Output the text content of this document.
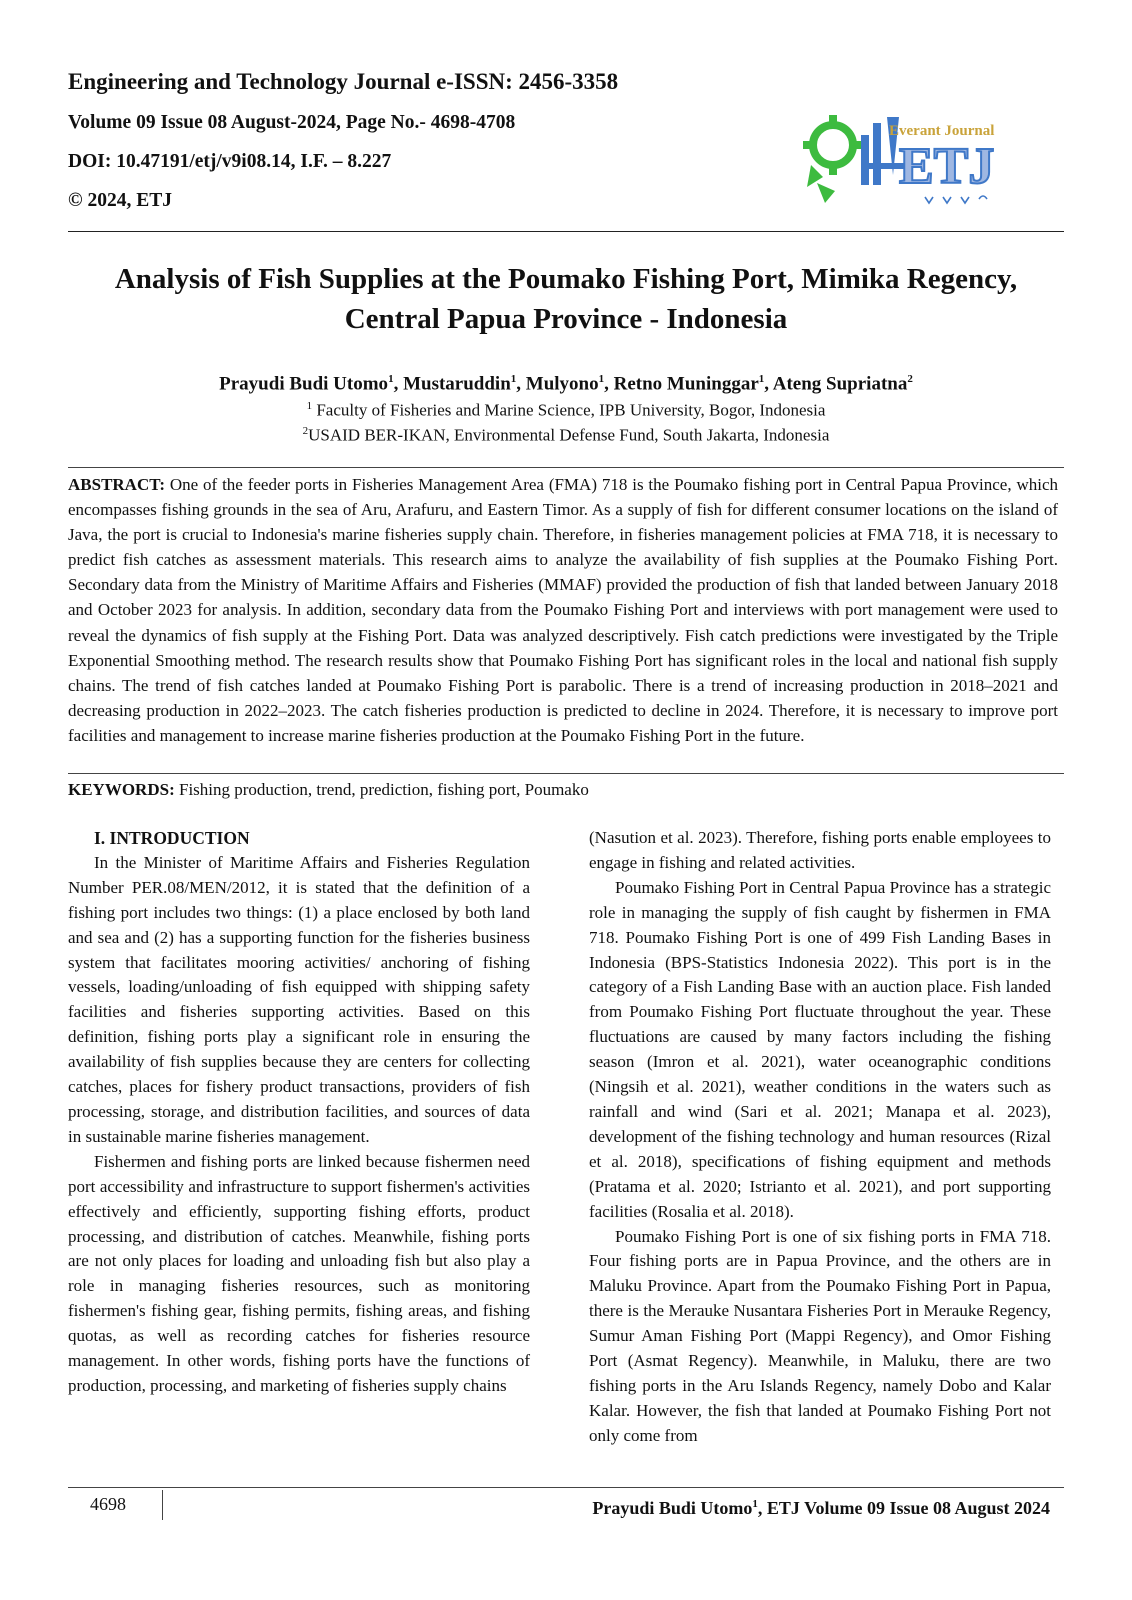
Engineering and Technology Journal e-ISSN: 2456-3358
Volume 09 Issue 08 August-2024, Page No.- 4698-4708
DOI: 10.47191/etj/v9i08.14, I.F. – 8.227
© 2024, ETJ
ETJ
Everant Journal
Analysis of Fish Supplies at the Poumako Fishing Port, Mimika Regency, Central Papua Province - Indonesia
Prayudi Budi Utomo$^1$, Mustaruddin$^1$, Mulyono$^1$, Retno Muninggar$^1$, Ateng Supriatna$^2$
$^1$ Faculty of Fisheries and Marine Science, IPB University, Bogor, Indonesia
$^2$USAID BER-IKAN, Environmental Defense Fund, South Jakarta, Indonesia

ABSTRACT: One of the feeder ports in Fisheries Management Area (FMA) 718 is the Poumako fishing port in Central Papua Province, which encompasses fishing grounds in the sea of Aru, Arafuru, and Eastern Timor. As a supply of fish for different consumer locations on the island of Java, the port is crucial to Indonesia's marine fisheries supply chain. Therefore, in fisheries management policies at FMA 718, it is necessary to predict fish catches as assessment materials. This research aims to analyze the availability of fish supplies at the Poumako Fishing Port. Secondary data from the Ministry of Maritime Affairs and Fisheries (MMAF) provided the production of fish that landed between January 2018 and October 2023 for analysis. In addition, secondary data from the Poumako Fishing Port and interviews with port management were used to reveal the dynamics of fish supply at the Fishing Port. Data was analyzed descriptively. Fish catch predictions were investigated by the Triple Exponential Smoothing method. The research results show that Poumako Fishing Port has significant roles in the local and national fish supply chains. The trend of fish catches landed at Poumako Fishing Port is parabolic. There is a trend of increasing production in 2018–2021 and decreasing production in 2022–2023. The catch fisheries production is predicted to decline in 2024. Therefore, it is necessary to improve port facilities and management to increase marine fisheries production at the Poumako Fishing Port in the future.

KEYWORDS: Fishing production, trend, prediction, fishing port, Poumako

I. INTRODUCTION

In the Minister of Maritime Affairs and Fisheries Regulation Number PER.08/MEN/2012, it is stated that the definition of a fishing port includes two things: (1) a place enclosed by both land and sea and (2) has a supporting function for the fisheries business system that facilitates mooring activities/ anchoring of fishing vessels, loading/unloading of fish equipped with shipping safety facilities and fisheries supporting activities. Based on this definition, fishing ports play a significant role in ensuring the availability of fish supplies because they are centers for collecting catches, places for fishery product transactions, providers of fish processing, storage, and distribution facilities, and sources of data in sustainable marine fisheries management.

Fishermen and fishing ports are linked because fishermen need port accessibility and infrastructure to support fishermen's activities effectively and efficiently, supporting fishing efforts, product processing, and distribution of catches. Meanwhile, fishing ports are not only places for loading and unloading fish but also play a role in managing fisheries resources, such as monitoring fishermen's fishing gear, fishing permits, fishing areas, and fishing quotas, as well as recording catches for fisheries resource management. In other words, fishing ports have the functions of production, processing, and marketing of fisheries supply chains

(Nasution et al. 2023). Therefore, fishing ports enable employees to engage in fishing and related activities.

Poumako Fishing Port in Central Papua Province has a strategic role in managing the supply of fish caught by fishermen in FMA 718. Poumako Fishing Port is one of 499 Fish Landing Bases in Indonesia (BPS-Statistics Indonesia 2022). This port is in the category of a Fish Landing Base with an auction place. Fish landed from Poumako Fishing Port fluctuate throughout the year. These fluctuations are caused by many factors including the fishing season (Imron et al. 2021), water oceanographic conditions (Ningsih et al. 2021), weather conditions in the waters such as rainfall and wind (Sari et al. 2021; Manapa et al. 2023), development of the fishing technology and human resources (Rizal et al. 2018), specifications of fishing equipment and methods (Pratama et al. 2020; Istrianto et al. 2021), and port supporting facilities (Rosalia et al. 2018).

Poumako Fishing Port is one of six fishing ports in FMA 718. Four fishing ports are in Papua Province, and the others are in Maluku Province. Apart from the Poumako Fishing Port in Papua, there is the Merauke Nusantara Fisheries Port in Merauke Regency, Sumur Aman Fishing Port (Mappi Regency), and Omor Fishing Port (Asmat Regency). Meanwhile, in Maluku, there are two fishing ports in the Aru Islands Regency, namely Dobo and Kalar Kalar. However, the fish that landed at Poumako Fishing Port not only come from

4698	Prayudi Budi Utomo$^1$, ETJ Volume 09 Issue 08 August 2024
